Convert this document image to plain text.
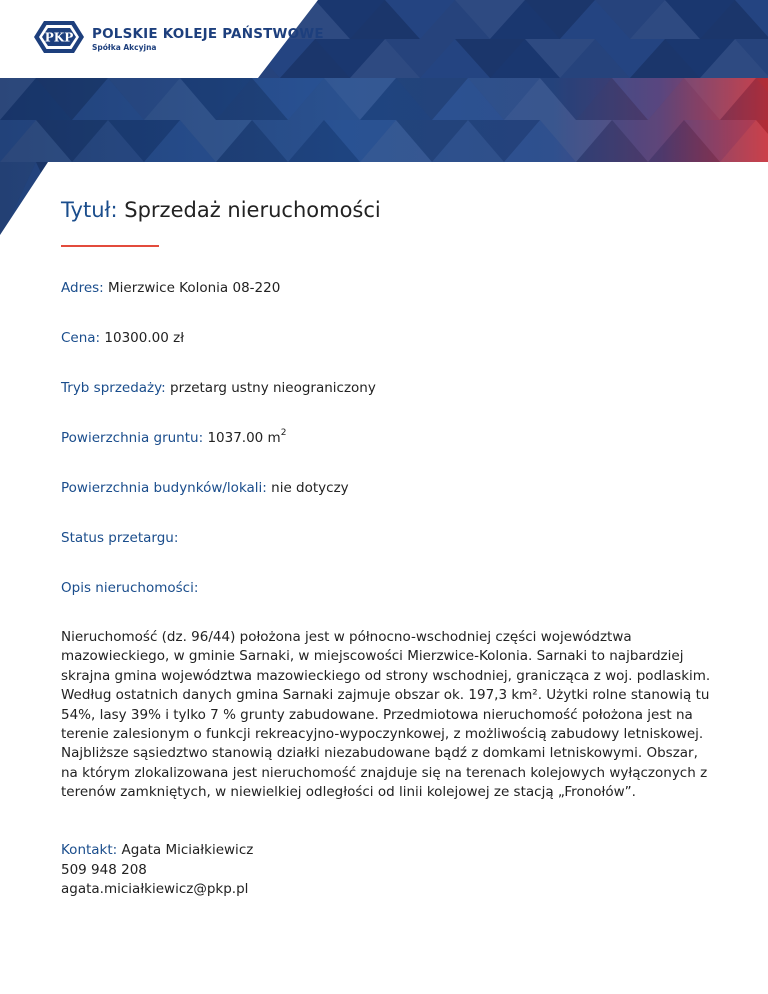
PKP POLSKIE KOLEJE PAŃSTWOWE
Spółka Akcyjna
Tytuł: Sprzedaż nieruchomości
Adres: Mierzwice Kolonia 08-220
Cena: 10300.00 zł
Tryb sprzedaży: przetarg ustny nieograniczony
Powierzchnia gruntu: 1037.00 $m^2$
Powierzchnia budynków/lokali: nie dotyczy
Status przetargu:
Opis nieruchomości:

Nieruchomość (dz. 96/44) położona jest w północno-wschodniej części województwa mazowieckiego, w gminie Sarnaki, w miejscowości Mierzwice-Kolonia. Sarnaki to najbardziej skrajna gmina województwa mazowieckiego od strony wschodniej, granicząca z woj. podlaskim. Według ostatnich danych gmina Sarnaki zajmuje obszar ok. 197,3 km². Użytki rolne stanowią tu 54%, lasy 39% i tylko 7 % grunty zabudowane. Przedmiotowa nieruchomość położona jest na terenie zalesionym o funkcji rekreacyjno-wypoczynkowej, z możliwością zabudowy letniskowej. Najbliższe sąsiedztwo stanowią działki niezabudowane bądź z domkami letniskowymi. Obszar, na którym zlokalizowana jest nieruchomość znajduje się na terenach kolejowych wyłączonych z terenów zamkniętych, w niewielkiej odległości od linii kolejowej ze stacją „Fronołów”.

Kontakt: Agata Miciałkiewicz
509 948 208
agata.miciałkiewicz@pkp.pl
